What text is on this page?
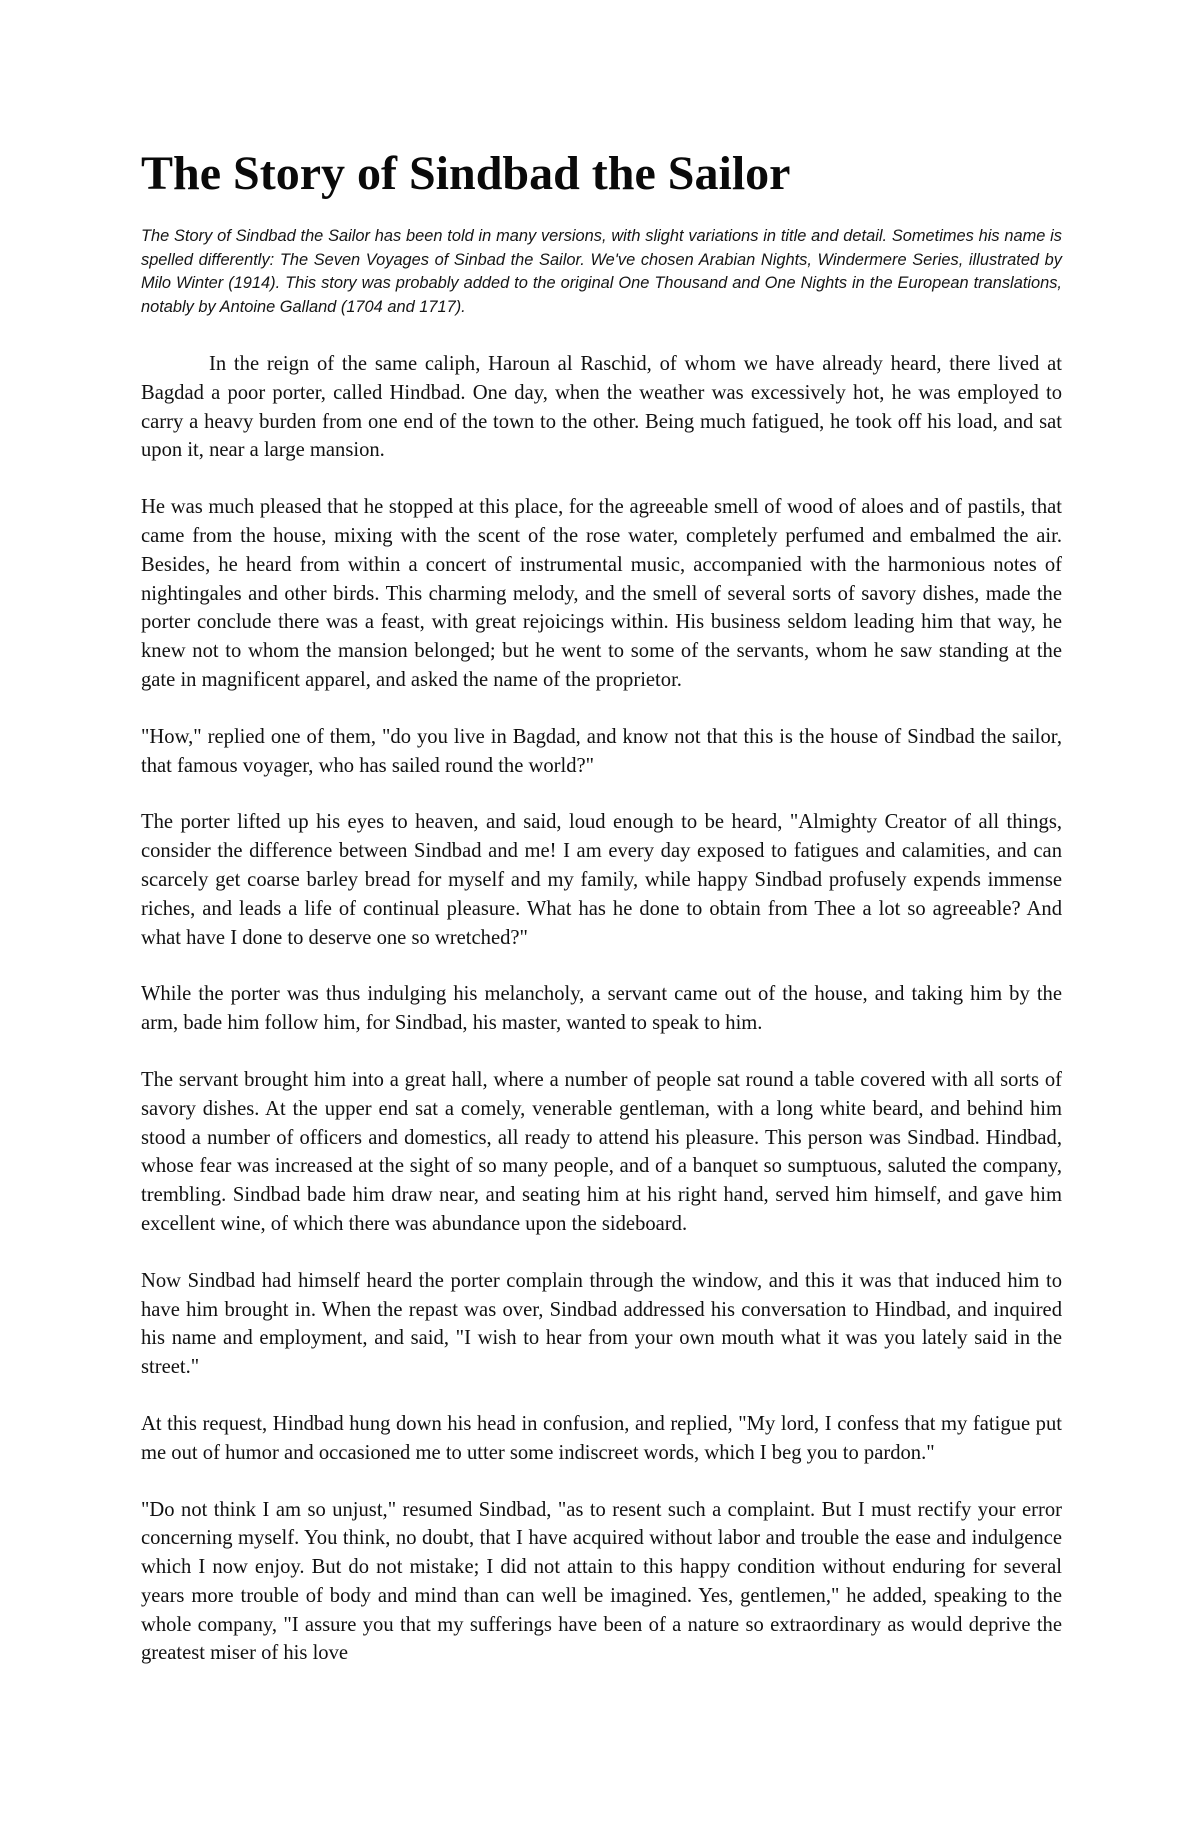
The Story of Sindbad the Sailor

The Story of Sindbad the Sailor has been told in many versions, with slight variations in title and detail. Sometimes his name is spelled differently: The Seven Voyages of Sinbad the Sailor. We've chosen Arabian Nights, Windermere Series, illustrated by Milo Winter (1914). This story was probably added to the original One Thousand and One Nights in the European translations, notably by Antoine Galland (1704 and 1717).

In the reign of the same caliph, Haroun al Raschid, of whom we have already heard, there lived at Bagdad a poor porter, called Hindbad. One day, when the weather was excessively hot, he was employed to carry a heavy burden from one end of the town to the other. Being much fatigued, he took off his load, and sat upon it, near a large mansion.

He was much pleased that he stopped at this place, for the agreeable smell of wood of aloes and of pastils, that came from the house, mixing with the scent of the rose water, completely perfumed and embalmed the air. Besides, he heard from within a concert of instrumental music, accompanied with the harmonious notes of nightingales and other birds. This charming melody, and the smell of several sorts of savory dishes, made the porter conclude there was a feast, with great rejoicings within. His business seldom leading him that way, he knew not to whom the mansion belonged; but he went to some of the servants, whom he saw standing at the gate in magnificent apparel, and asked the name of the proprietor.

"How," replied one of them, "do you live in Bagdad, and know not that this is the house of Sindbad the sailor, that famous voyager, who has sailed round the world?"

The porter lifted up his eyes to heaven, and said, loud enough to be heard, "Almighty Creator of all things, consider the difference between Sindbad and me! I am every day exposed to fatigues and calamities, and can scarcely get coarse barley bread for myself and my family, while happy Sindbad profusely expends immense riches, and leads a life of continual pleasure. What has he done to obtain from Thee a lot so agreeable? And what have I done to deserve one so wretched?"

While the porter was thus indulging his melancholy, a servant came out of the house, and taking him by the arm, bade him follow him, for Sindbad, his master, wanted to speak to him.

The servant brought him into a great hall, where a number of people sat round a table covered with all sorts of savory dishes. At the upper end sat a comely, venerable gentleman, with a long white beard, and behind him stood a number of officers and domestics, all ready to attend his pleasure. This person was Sindbad. Hindbad, whose fear was increased at the sight of so many people, and of a banquet so sumptuous, saluted the company, trembling. Sindbad bade him draw near, and seating him at his right hand, served him himself, and gave him excellent wine, of which there was abundance upon the sideboard.

Now Sindbad had himself heard the porter complain through the window, and this it was that induced him to have him brought in. When the repast was over, Sindbad addressed his conversation to Hindbad, and inquired his name and employment, and said, "I wish to hear from your own mouth what it was you lately said in the street."

At this request, Hindbad hung down his head in confusion, and replied, "My lord, I confess that my fatigue put me out of humor and occasioned me to utter some indiscreet words, which I beg you to pardon."

"Do not think I am so unjust," resumed Sindbad, "as to resent such a complaint. But I must rectify your error concerning myself. You think, no doubt, that I have acquired without labor and trouble the ease and indulgence which I now enjoy. But do not mistake; I did not attain to this happy condition without enduring for several years more trouble of body and mind than can well be imagined. Yes, gentlemen," he added, speaking to the whole company, "I assure you that my sufferings have been of a nature so extraordinary as would deprive the greatest miser of his love
